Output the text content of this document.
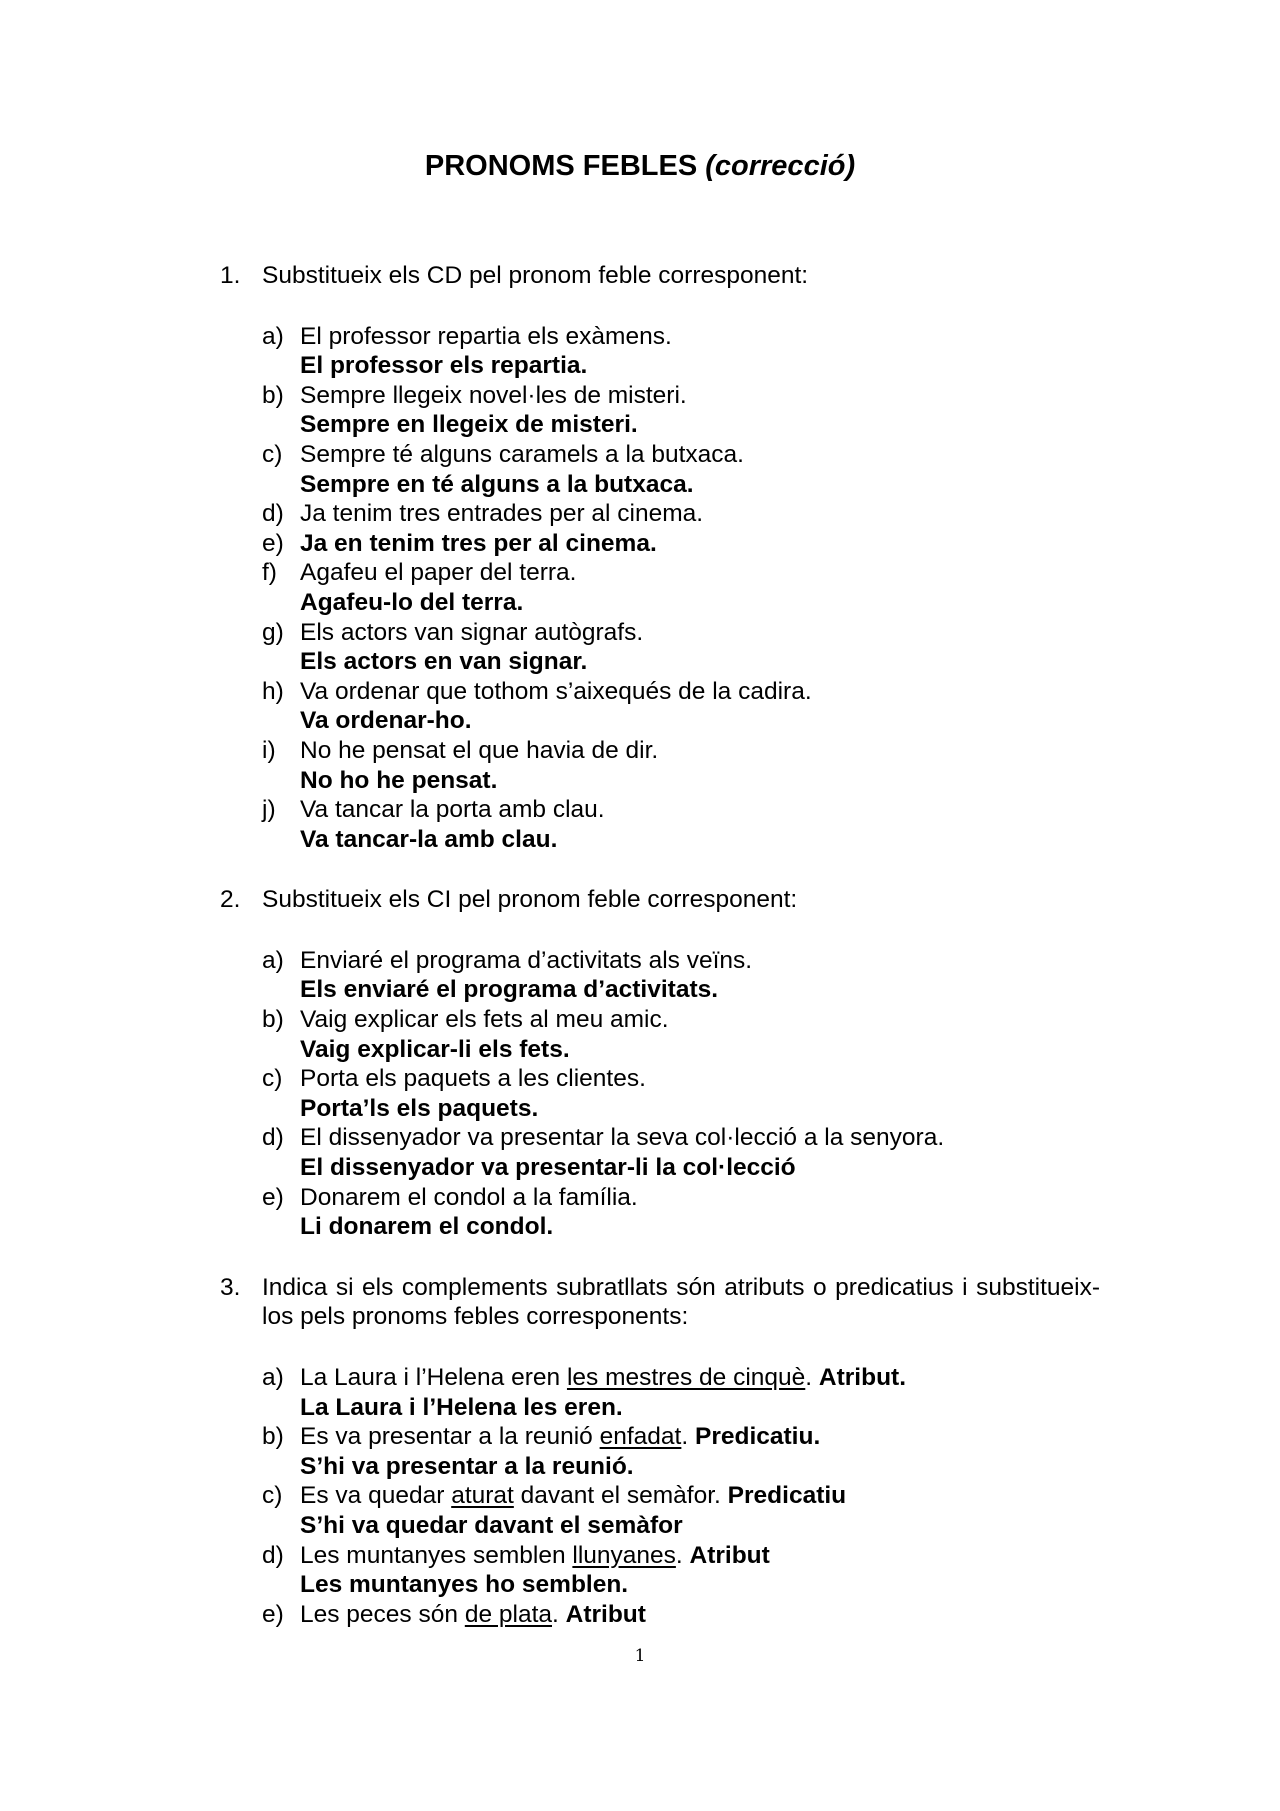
PRONOMS FEBLES (correcció)
1. Substitueix els CD pel pronom feble corresponent:
a) El professor repartia els exàmens.
El professor els repartia.
b) Sempre llegeix novel·les de misteri.
Sempre en llegeix de misteri.
c) Sempre té alguns caramels a la butxaca.
Sempre en té alguns a la butxaca.
d) Ja tenim tres entrades per al cinema.
e) Ja en tenim tres per al cinema.
f) Agafeu el paper del terra.
Agafeu-lo del terra.
g) Els actors van signar autògrafs.
Els actors en van signar.
h) Va ordenar que tothom s’aixequés de la cadira.
Va ordenar-ho.
i) No he pensat el que havia de dir.
No ho he pensat.
j) Va tancar la porta amb clau.
Va tancar-la amb clau.
2. Substitueix els CI pel pronom feble corresponent:
a) Enviaré el programa d’activitats als veïns.
Els enviaré el programa d’activitats.
b) Vaig explicar els fets al meu amic.
Vaig explicar-li els fets.
c) Porta els paquets a les clientes.
Porta’ls els paquets.
d) El dissenyador va presentar la seva col·lecció a la senyora.
El dissenyador va presentar-li la col·lecció
e) Donarem el condol a la família.
Li donarem el condol.
3. Indica si els complements subratllats són atributs o predicatius i substitueix-los pels pronoms febles corresponents:
a) La Laura i l’Helena eren les mestres de cinquè. Atribut.
La Laura i l’Helena les eren.
b) Es va presentar a la reunió enfadat. Predicatiu.
S’hi va presentar a la reunió.
c) Es va quedar aturat davant el semàfor. Predicatiu
S’hi va quedar davant el semàfor
d) Les muntanyes semblen llunyanes. Atribut
Les muntanyes ho semblen.
e) Les peces són de plata. Atribut
1
